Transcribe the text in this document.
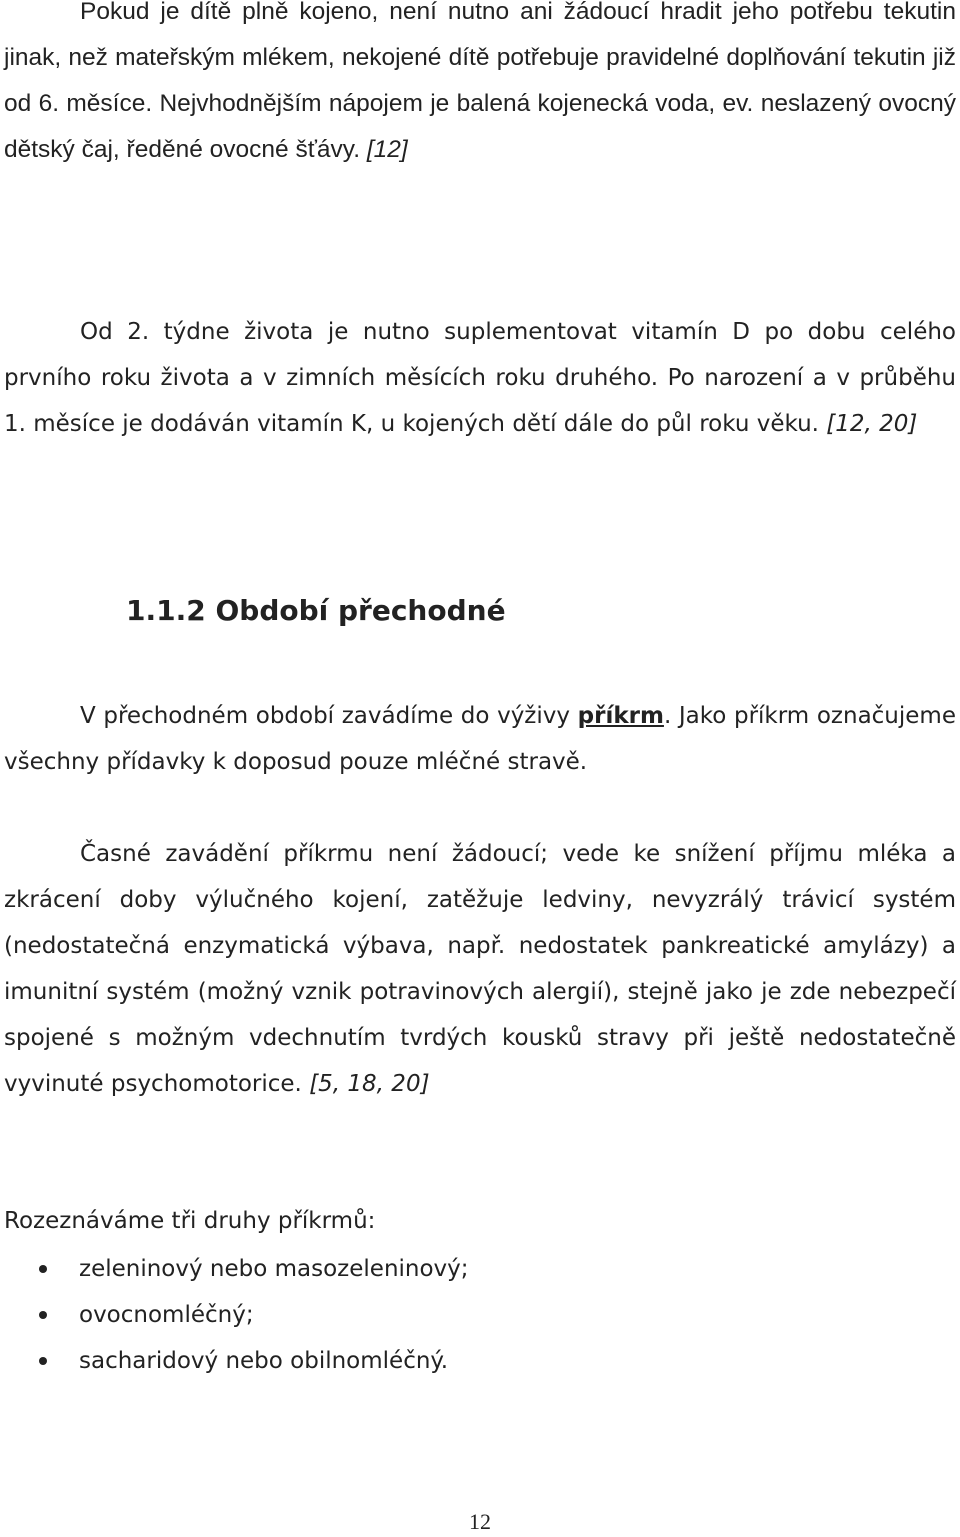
Pokud je dítě plně kojeno, není nutno ani žádoucí hradit jeho potřebu tekutin jinak, než mateřským mlékem, nekojené dítě potřebuje pravidelné doplňování tekutin již od 6. měsíce. Nejvhodnějším nápojem je balená kojenecká voda, ev. neslazený ovocný dětský čaj, ředěné ovocné šťávy. [12]

Od 2. týdne života je nutno suplementovat vitamín D po dobu celého prvního roku života a v zimních měsících roku druhého. Po narození a v průběhu 1. měsíce je dodáván vitamín K, u kojených dětí dále do půl roku věku. [12, 20]

1.1.2 Období přechodné

V přechodném období zavádíme do výživy příkrm. Jako příkrm označujeme všechny přídavky k doposud pouze mléčné stravě.

Časné zavádění příkrmu není žádoucí; vede ke snížení příjmu mléka a zkrácení doby výlučného kojení, zatěžuje ledviny, nevyzrálý trávicí systém (nedostatečná enzymatická výbava, např. nedostatek pankreatické amylázy) a imunitní systém (možný vznik potravinových alergií), stejně jako je zde nebezpečí spojené s možným vdechnutím tvrdých kousků stravy při ještě nedostatečně vyvinuté psychomotorice. [5, 18, 20]

Rozeznáváme tři druhy příkrmů:

zeleninový nebo masozeleninový;
ovocnomléčný;
sacharidový nebo obilnomléčný.
12
